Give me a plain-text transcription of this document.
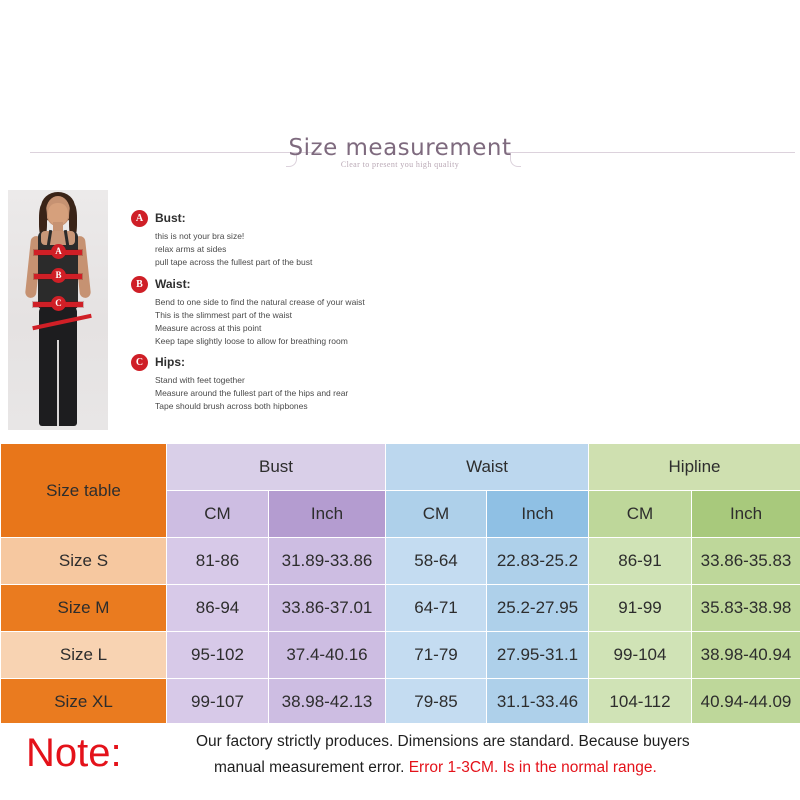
Size measurement
Clear to present you high quality
A
B
C
A Bust:
this is not your bra size!
relax arms at sides
pull tape across the fullest part of the bust
B	Waist:
Bend to one side to find the natural crease of your waist
This is the slimmest part of the waist
Measure across at this point
Keep tape slightly loose to allow for breathing room
C Hips:
Stand with feet together
Measure around the fullest part of the hips and rear
Tape should brush across both hipbones
Size table	Bust		Waist		Hipline	
	CM	Inch	CM	Inch	CM	Inch
Size S	81-86	31.89-33.86	58-64	22.83-25.2	86-91	33.86-35.83
Size M	86-94	33.86-37.01	64-71	25.2-27.95	91-99	35.83-38.98
Size L	95-102	37.4-40.16	71-79	27.95-31.1	99-104	38.98-40.94
Size XL	99-107	38.98-42.13	79-85	31.1-33.46	104-112	40.94-44.09
Note:	Our factory strictly produces. Dimensions are standard. Because buyers
manual measurement error. Error 1-3CM. Is in the normal range.
